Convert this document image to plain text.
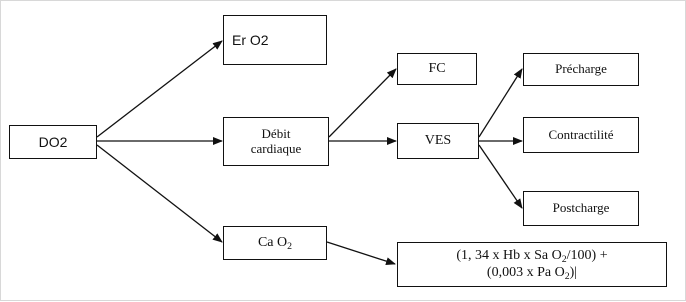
DO2
Er O2
Débit
cardiaque
Ca $O_2$
FC
VES
Précharge
Contractilité
Postcharge
(1, 34 x Hb x Sa $O_2/100$) +
(0,003 x Pa $O_2)|$
